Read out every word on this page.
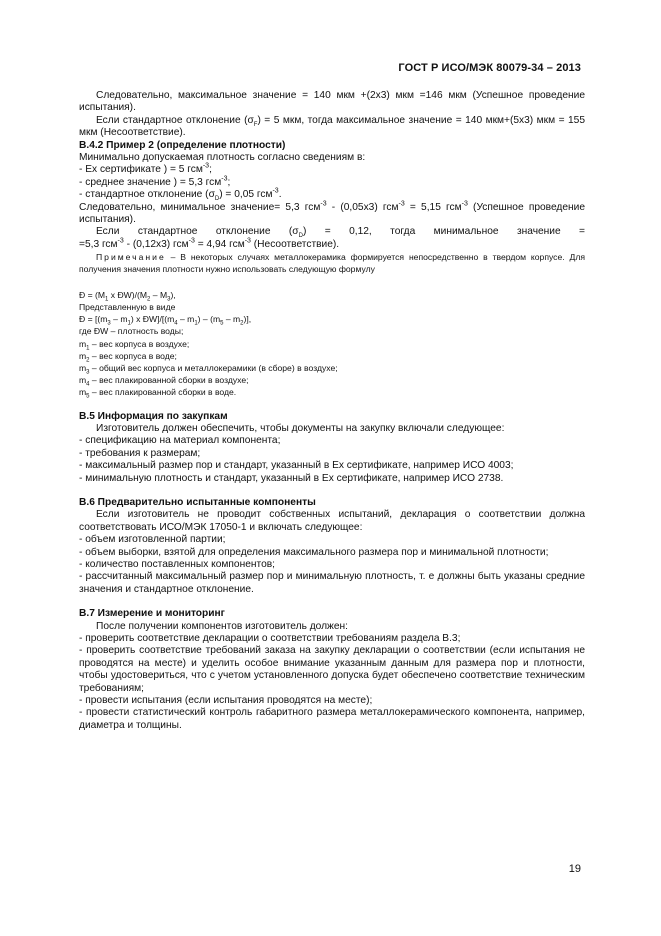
ГОСТ Р ИСО/МЭК 80079-34 – 2013

Следовательно, максимальное значение = 140 мкм +(2x3) мкм =146 мкм (Успешное проведение испытания).

Если стандартное отклонение $(\sigma_F) = 5$ мкм, тогда максимальное значение = 140 мкм+(5x3) мкм = 155 мкм (Несоответствие).

В.4.2 Пример 2 (определение плотности)

Минимально допускаемая плотность согласно сведениям в:

- Ex сертификате ) = 5 гсм$^{-3}$;

- среднее значение ) = 5,3 гсм$^{-3}$;

- стандартное отклонение $(\sigma_D) = 0,05$ гсм$^{-3}$.

Следовательно, минимальное значение= 5,3 гсм$^{-3}$ - (0,05x3) гсм$^{-3}$ = 5,15 гсм$^{-3}$ (Успешное проведение испытания).

Если стандартное отклонение $(\sigma_D) = 0,12$, тогда минимальное значение =

=5,3 гсм$^{-3}$ - (0,12x3) гсм$^{-3}$ = 4,94 гсм$^{-3}$ (Несоответствие).

Примечание – В некоторых случаях металлокерамика формируется непосредственно в твердом корпусе. Для получения значения плотности нужно использовать следующую формулу

Ɖ = ($M_1$ x $ƉW)/(M_2 - M_3)$,

Представленную в виде

Ɖ = [$(m_3 - m_1)$ x $ƉW]/[(m_4 - m_1) - (m_5 - m_2)]$,

где ƉW – плотность воды;

$m_1$ – вес корпуса в воздухе;

$m_2$ – вес корпуса в воде;

$m_3$ – общий вес корпуса и металлокерамики (в сборе) в воздухе;

$m_4$ – вес плакированной сборки в воздухе;

$m_5$ – вес плакированной сборки в воде.

В.5 Информация по закупкам

Изготовитель должен обеспечить, чтобы документы на закупку включали следующее:

- спецификацию на материал компонента;

- требования к размерам;

- максимальный размер пор и стандарт, указанный в Ex сертификате, например ИСО 4003;

- минимальную плотность и стандарт, указанный в Ex сертификате, например ИСО 2738.

В.6 Предварительно испытанные компоненты

Если изготовитель не проводит собственных испытаний, декларация о соответствии должна соответствовать ИСО/МЭК 17050-1 и включать следующее:

- объем изготовленной партии;

- объем выборки, взятой для определения максимального размера пор и минимальной плотности;

- количество поставленных компонентов;

- рассчитанный максимальный размер пор и минимальную плотность, т. е должны быть указаны средние значения и стандартное отклонение.

В.7 Измерение и мониторинг

После получении компонентов изготовитель должен:

- проверить соответствие декларации о соответствии требованиям раздела В.3;

- проверить соответствие требований заказа на закупку декларации о соответствии (если испытания не проводятся на месте) и уделить особое внимание указанным данным для размера пор и плотности, чтобы удостовериться, что с учетом установленного допуска будет обеспечено соответствие техническим требованиям;

- провести испытания (если испытания проводятся на месте);

- провести статистический контроль габаритного размера металлокерамического компонента, например, диаметра и толщины.

19
